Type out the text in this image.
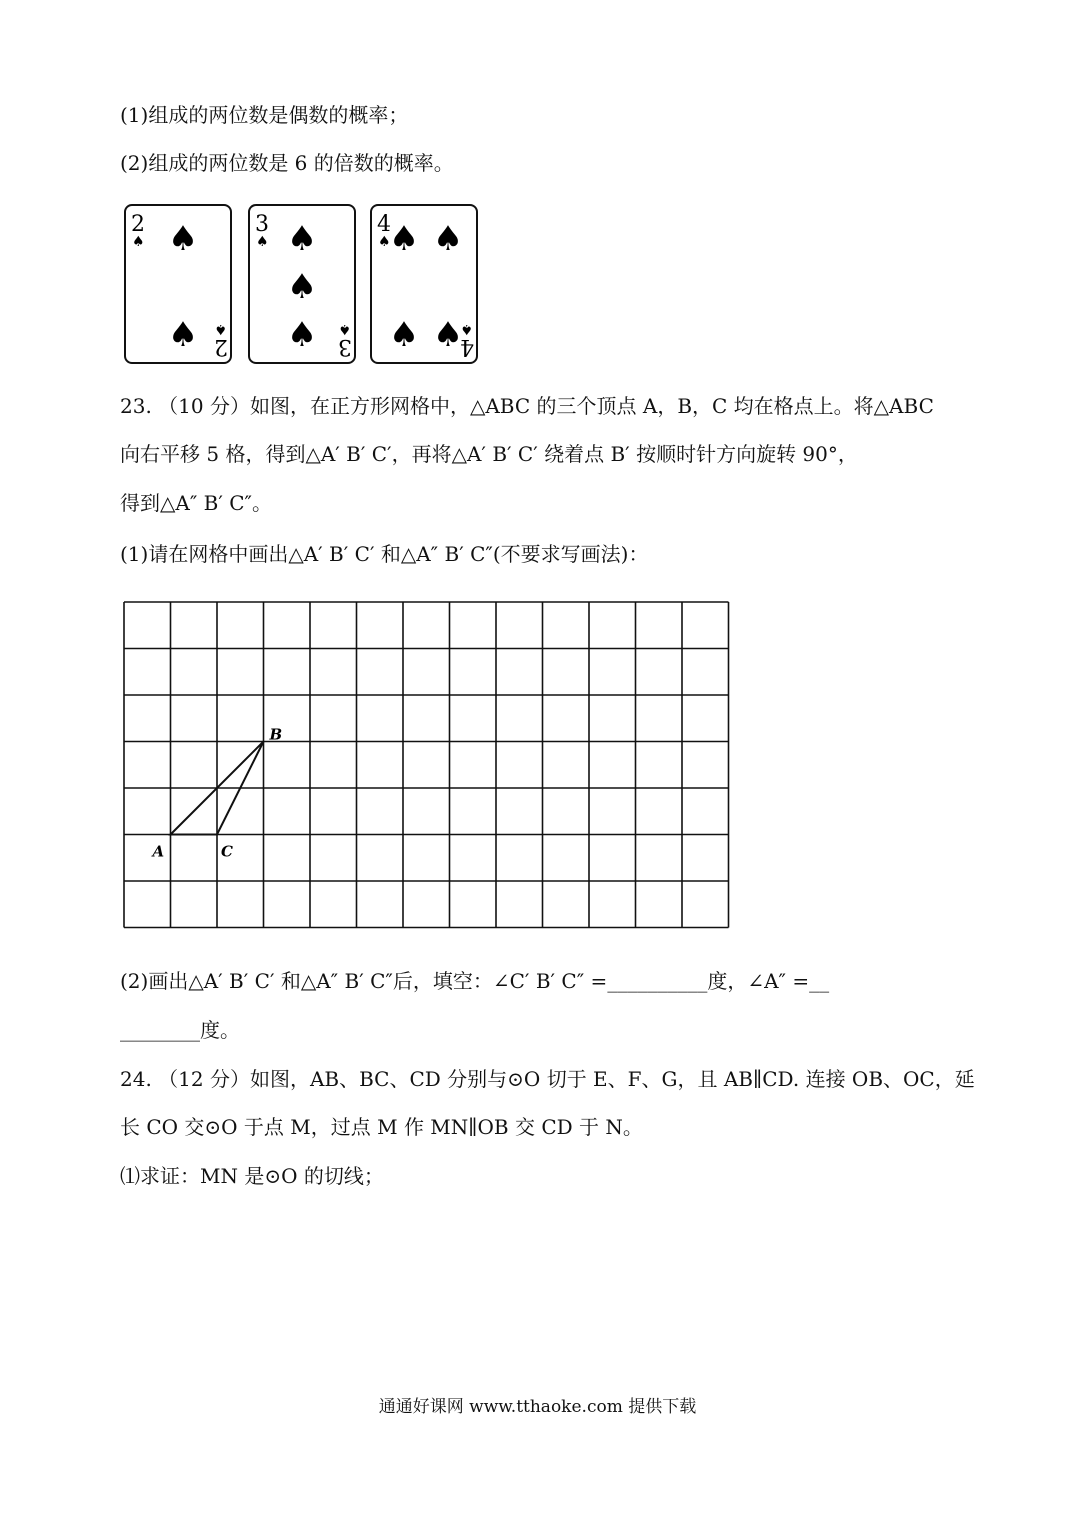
(1)组成的两位数是偶数的概率；
(2)组成的两位数是 6 的倍数的概率。
2
♠ ♠
♠ 2
♠
3
♠ ♠
♠
♠ 3
♠
4
♠
♠ ♠
♠ ♠
4
♠
23. （10 分）如图，在正方形网格中，△ABC 的三个顶点 A，B，C 均在格点上。将△ABC
向右平移 5 格，得到△A′ B′ C′，再将△A′ B′ C′ 绕着点 B′ 按顺时针方向旋转 90°，
得到△A″ B′ C″。
(1)请在网格中画出△A′ B′ C′ 和△A″ B′ C″(不要求写画法)：
A
B
C
(2)画出△A′ B′ C′ 和△A″ B′ C″后，填空：∠C′ B′ C″ =__________度，∠A″ =__
________度。
24. （12 分）如图，AB、BC、CD 分别与⊙O 切于 E、F、G，且 AB∥CD. 连接 OB、OC，延
长 CO 交⊙O 于点 M，过点 M 作 MN∥OB 交 CD 于 N。
⑴求证：MN 是⊙O 的切线；
通通好课网 www.tthaoke.com 提供下载
